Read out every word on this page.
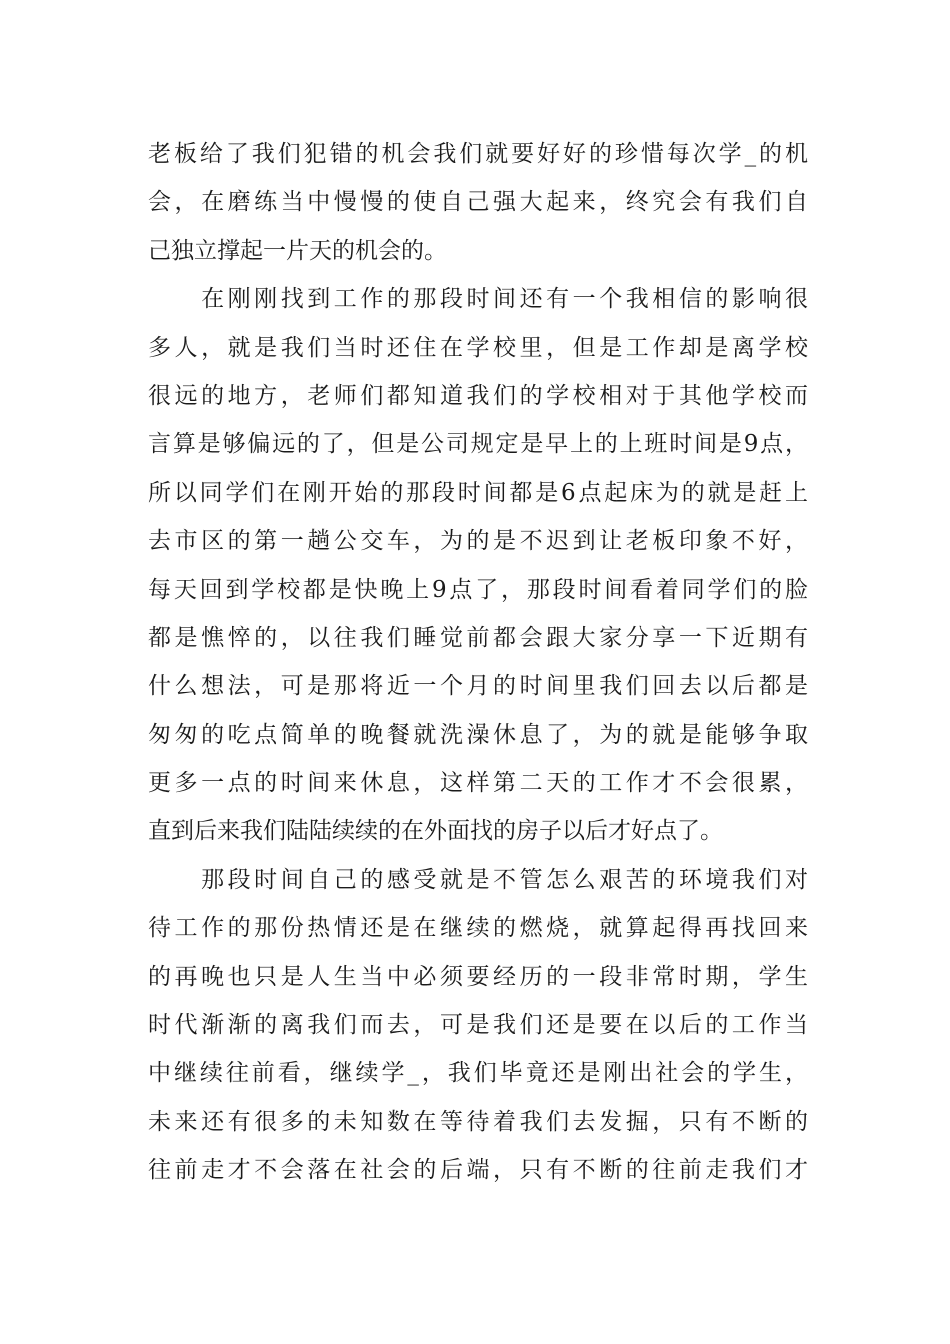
老板给了我们犯错的机会我们就要好好的珍惜每次学_的机
会，在磨练当中慢慢的使自己强大起来，终究会有我们自
己独立撑起一片天的机会的。
　　在刚刚找到工作的那段时间还有一个我相信的影响很
多人，就是我们当时还住在学校里，但是工作却是离学校
很远的地方，老师们都知道我们的学校相对于其他学校而
言算是够偏远的了，但是公司规定是早上的上班时间是9点，
所以同学们在刚开始的那段时间都是6点起床为的就是赶上
去市区的第一趟公交车，为的是不迟到让老板印象不好，
每天回到学校都是快晚上9点了，那段时间看着同学们的脸
都是憔悴的，以往我们睡觉前都会跟大家分享一下近期有
什么想法，可是那将近一个月的时间里我们回去以后都是
匆匆的吃点简单的晚餐就洗澡休息了，为的就是能够争取
更多一点的时间来休息，这样第二天的工作才不会很累，
直到后来我们陆陆续续的在外面找的房子以后才好点了。
　　那段时间自己的感受就是不管怎么艰苦的环境我们对
待工作的那份热情还是在继续的燃烧，就算起得再找回来
的再晚也只是人生当中必须要经历的一段非常时期，学生
时代渐渐的离我们而去，可是我们还是要在以后的工作当
中继续往前看，继续学_，我们毕竟还是刚出社会的学生，
未来还有很多的未知数在等待着我们去发掘，只有不断的
往前走才不会落在社会的后端，只有不断的往前走我们才
